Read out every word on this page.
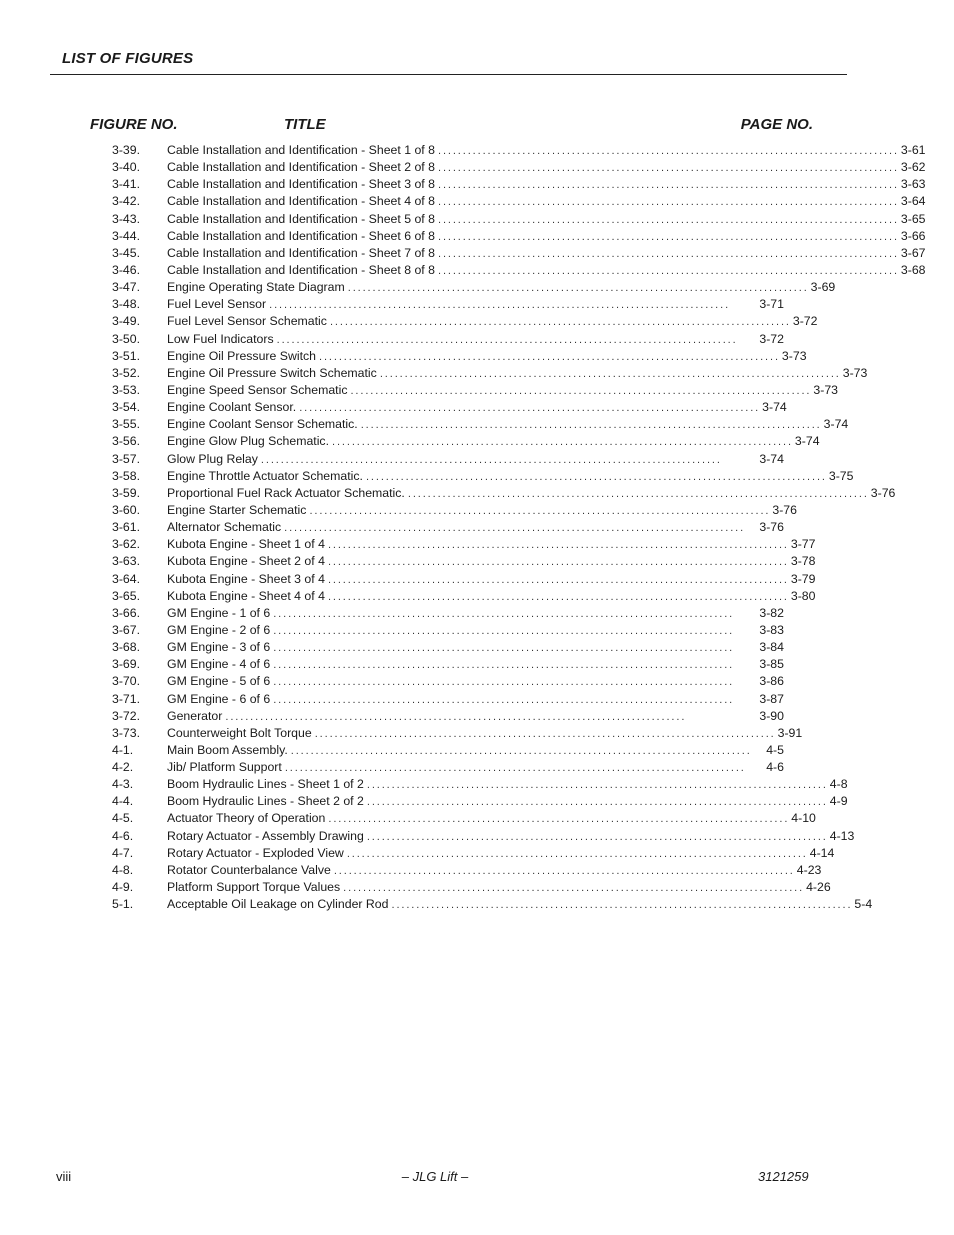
LIST OF FIGURES
FIGURE NO.	TITLE	PAGE NO.
3-39.	Cable Installation and Identification - Sheet 1 of 8 ............................................................................................. 3-61
3-40.	Cable Installation and Identification - Sheet 2 of 8 ............................................................................................. 3-62
3-41.	Cable Installation and Identification - Sheet 3 of 8 ............................................................................................. 3-63
3-42.	Cable Installation and Identification - Sheet 4 of 8 ............................................................................................. 3-64
3-43.	Cable Installation and Identification - Sheet 5 of 8 ............................................................................................. 3-65
3-44.	Cable Installation and Identification - Sheet 6 of 8 ............................................................................................. 3-66
3-45.	Cable Installation and Identification - Sheet 7 of 8 ............................................................................................. 3-67
3-46.	Cable Installation and Identification - Sheet 8 of 8 ............................................................................................. 3-68
3-47.	Engine Operating State Diagram ............................................................................................. 3-69
3-48.	Fuel Level Sensor .............................................................................................	3-71
3-49.	Fuel Level Sensor Schematic ............................................................................................. 3-72
3-50.	Low Fuel Indicators .............................................................................................	3-72
3-51.	Engine Oil Pressure Switch ............................................................................................. 3-73
3-52.	Engine Oil Pressure Switch Schematic ............................................................................................. 3-73
3-53.	Engine Speed Sensor Schematic ............................................................................................. 3-73
3-54.	Engine Coolant Sensor. ............................................................................................. 3-74
3-55.	Engine Coolant Sensor Schematic. ............................................................................................. 3-74
3-56.	Engine Glow Plug Schematic. ............................................................................................. 3-74
3-57.	Glow Plug Relay .............................................................................................	3-74
3-58.	Engine Throttle Actuator Schematic. ............................................................................................. 3-75
3-59.	Proportional Fuel Rack Actuator Schematic. ............................................................................................. 3-76
3-60.	Engine Starter Schematic ............................................................................................. 3-76
3-61.	Alternator Schematic .............................................................................................	3-76
3-62.	Kubota Engine - Sheet 1 of 4 ............................................................................................. 3-77
3-63.	Kubota Engine - Sheet 2 of 4 ............................................................................................. 3-78
3-64.	Kubota Engine - Sheet 3 of 4 ............................................................................................. 3-79
3-65.	Kubota Engine - Sheet 4 of 4 ............................................................................................. 3-80
3-66.	GM Engine - 1 of 6 .............................................................................................	3-82
3-67.	GM Engine - 2 of 6 .............................................................................................	3-83
3-68.	GM Engine - 3 of 6 .............................................................................................	3-84
3-69.	GM Engine - 4 of 6 .............................................................................................	3-85
3-70.	GM Engine - 5 of 6 .............................................................................................	3-86
3-71.	GM Engine - 6 of 6 .............................................................................................	3-87
3-72.	Generator .............................................................................................	3-90
3-73.	Counterweight Bolt Torque ............................................................................................. 3-91
4-1.	Main Boom Assembly. .............................................................................................	4-5
4-2.	Jib/ Platform Support .............................................................................................	4-6
4-3.	Boom Hydraulic Lines - Sheet 1 of 2 ............................................................................................. 4-8
4-4.	Boom Hydraulic Lines - Sheet 2 of 2 ............................................................................................. 4-9
4-5.	Actuator Theory of Operation ............................................................................................. 4-10
4-6.	Rotary Actuator - Assembly Drawing ............................................................................................. 4-13
4-7.	Rotary Actuator - Exploded View ............................................................................................. 4-14
4-8.	Rotator Counterbalance Valve ............................................................................................. 4-23
4-9.	Platform Support Torque Values ............................................................................................. 4-26
5-1.	Acceptable Oil Leakage on Cylinder Rod ............................................................................................. 5-4
viii	– JLG Lift –	3121259
